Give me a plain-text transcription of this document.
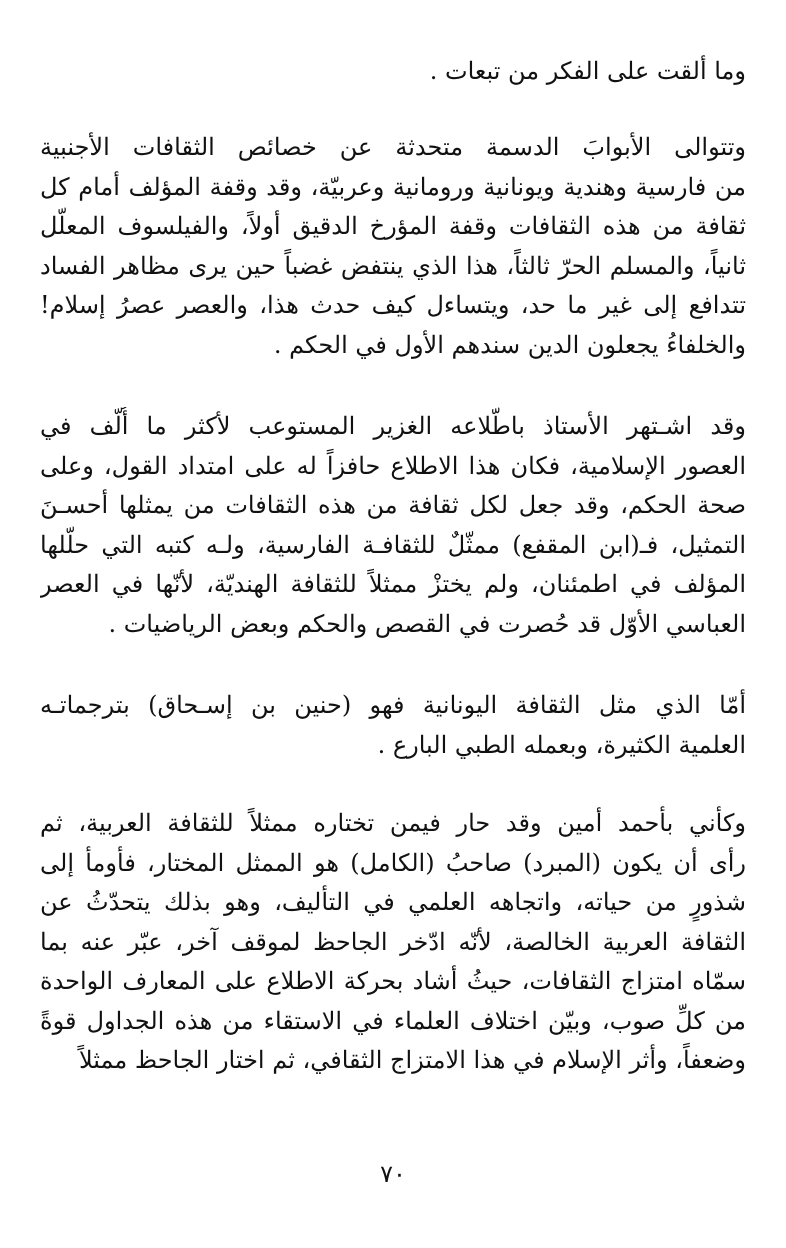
وما ألقت على الفكر من تبعات .
وتتوالى الأبوابَ الدسمة متحدثة عن خصائص الثقافات الأجنبية
من فارسية وهندية ويونانية ورومانية وعربيّة، وقد وقفة المؤلف أمام كل
ثقافة من هذه الثقافات وقفة المؤرخ الدقيق أولاً، والفيلسوف المعلّل
ثانياً، والمسلم الحرّ ثالثاً، هذا الذي ينتفض غضباً حين يرى مظاهر الفساد
تتدافع إلى غير ما حد، ويتساءل كيف حدث هذا، والعصر عصرُ إسلام!
والخلفاءُ يجعلون الدين سندهم الأول في الحكم .
وقد اشـتهر الأستاذ باطّلاعه الغزير المستوعب لأكثر ما أُلّف في
العصور الإسلامية، فكان هذا الاطلاع حافزاً له على امتداد القول، وعلى
صحة الحكم، وقد جعل لكل ثقافة من هذه الثقافات من يمثلها أحسـنَ
التمثيل، فـ(ابن المقفع) ممثّلٌ للثقافـة الفارسية، ولـه كتبه التي حلّلها
المؤلف في اطمئنان، ولم يختزْ ممثلاً للثقافة الهنديّة، لأنّها في العصر
العباسي الأوّل قد حُصرت في القصص والحكم وبعض الرياضيات .
أمّا الذي مثل الثقافة اليونانية فهو (حنين بن إسـحاق) بترجماتـه
العلمية الكثيرة، وبعمله الطبي البارع .
وكأني بأحمد أمين وقد حار فيمن تختاره ممثلاً للثقافة العربية، ثم
رأى أن يكون (المبرد) صاحبُ (الكامل) هو الممثل المختار، فأومأ إلى
شذورٍ من حياته، واتجاهه العلمي في التأليف، وهو بذلك يتحدّثُ عن
الثقافة العربية الخالصة، لأنّه ادّخر الجاحظ لموقف آخر، عبّر عنه بما
سمّاه امتزاج الثقافات، حيثُ أشاد بحركة الاطلاع على المعارف الواحدة
من كلِّ صوب، وبيّن اختلاف العلماء في الاستقاء من هذه الجداول قوةً
وضعفاً، وأثر الإسلام في هذا الامتزاج الثقافي، ثم اختار الجاحظ ممثلاً
٧٠
